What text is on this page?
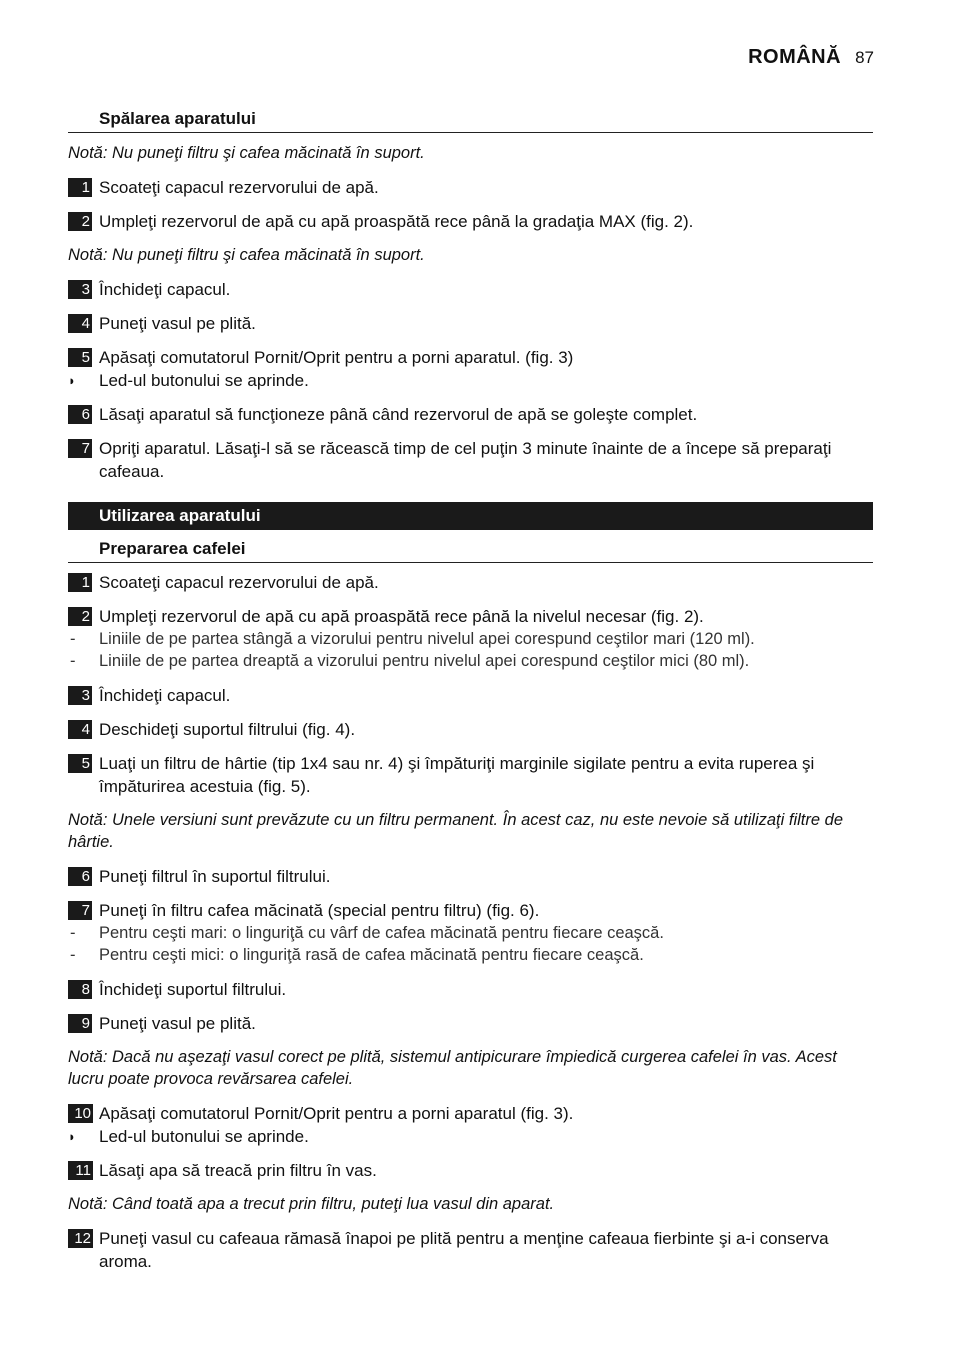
ROMÂNĂ 87
Spălarea aparatului
Notă: Nu puneţi filtru şi cafea măcinată în suport.
1 Scoateţi capacul rezervorului de apă.
2 Umpleţi rezervorul de apă cu apă proaspătă rece până la gradaţia MAX (fig. 2).
Notă: Nu puneţi filtru şi cafea măcinată în suport.
3 Închideţi capacul.
4 Puneţi vasul pe plită.
5 Apăsaţi comutatorul Pornit/Oprit pentru a porni aparatul. (fig. 3)
◗ Led-ul butonului se aprinde.
6 Lăsaţi aparatul să funcţioneze până când rezervorul de apă se goleşte complet.
7 Opriţi aparatul. Lăsaţi-l să se răcească timp de cel puţin 3 minute înainte de a începe să preparaţi cafeaua.
Utilizarea aparatului
Prepararea cafelei
1 Scoateţi capacul rezervorului de apă.
2 Umpleţi rezervorul de apă cu apă proaspătă rece până la nivelul necesar (fig. 2).
- Liniile de pe partea stângă a vizorului pentru nivelul apei corespund ceştilor mari (120 ml).
- Liniile de pe partea dreaptă a vizorului pentru nivelul apei corespund ceştilor mici (80 ml).
3 Închideţi capacul.
4 Deschideţi suportul filtrului (fig. 4).
5 Luaţi un filtru de hârtie (tip 1x4 sau nr. 4) şi împăturiţi marginile sigilate pentru a evita ruperea şi împăturirea acestuia (fig. 5).
Notă: Unele versiuni sunt prevăzute cu un filtru permanent. În acest caz, nu este nevoie să utilizaţi filtre de hârtie.
6 Puneţi filtrul în suportul filtrului.
7 Puneţi în filtru cafea măcinată (special pentru filtru) (fig. 6).
- Pentru ceşti mari: o linguriţă cu vârf de cafea măcinată pentru fiecare ceaşcă.
- Pentru ceşti mici: o linguriţă rasă de cafea măcinată pentru fiecare ceaşcă.
8 Închideţi suportul filtrului.
9 Puneţi vasul pe plită.
Notă: Dacă nu aşezaţi vasul corect pe plită, sistemul antipicurare împiedică curgerea cafelei în vas. Acest lucru poate provoca revărsarea cafelei.
10 Apăsaţi comutatorul Pornit/Oprit pentru a porni aparatul (fig. 3).
◗ Led-ul butonului se aprinde.
11 Lăsaţi apa să treacă prin filtru în vas.
Notă: Când toată apa a trecut prin filtru, puteţi lua vasul din aparat.
12 Puneţi vasul cu cafeaua rămasă înapoi pe plită pentru a menţine cafeaua fierbinte şi a-i conserva aroma.
